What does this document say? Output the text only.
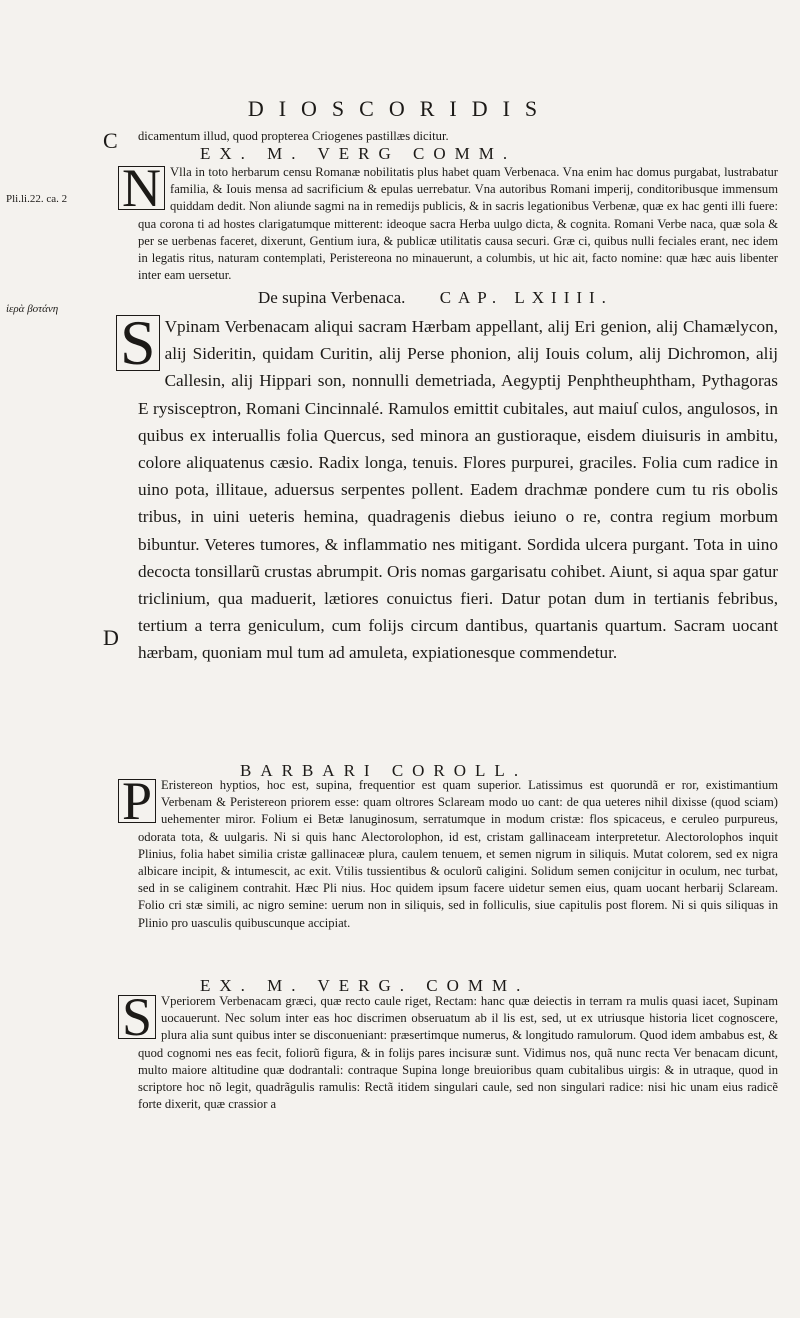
DIOSCORIDIS
C
Pli.li.22. ca. 2
ἱερὰ βοτάνη
D

dicamentum illud, quod propterea Criogenes pastillæs dicitur.

EX. M. VERG COMM.

N Vlla in toto herbarum censu Romanæ nobilitatis plus habet quam Verbenaca. Vna enim hac domus purgabat, lustrabatur familia, & Iouis mensa ad sacrificium & epulas uerrebatur. Vna autoribus Romani imperij, conditoribusque immensum quiddam dedit. Non aliunde sagmi na in remedijs publicis, & in sacris legationibus Verbenæ, quæ ex hac genti illi fuere: qua corona ti ad hostes clarigatumque mitterent: ideoque sacra Herba uulgo dicta, & cognita. Romani Verbe naca, quæ sola & per se uerbenas faceret, dixerunt, Gentium iura, & publicæ utilitatis causa securi. Græ ci, quibus nulli feciales erant, nec idem in legatis ritus, naturam contemplati, Peristereona no minauerunt, a columbis, ut hic ait, facto nomine: quæ hæc auis libenter inter eam uersetur.

De supina Verbenaca. CAP. LXIIII.

S Vpinam Verbenacam aliqui sacram Hærbam appellant, alij Eri genion, alij Chamælycon, alij Sideritin, quidam Curitin, alij Perse phonion, alij Iouis colum, alij Dichromon, alij Callesin, alij Hippari son, nonnulli demetriada, Aegyptij Penphtheuphtham, Pythagoras E rysisceptron, Romani Cincinnalé. Ramulos emittit cubitales, aut maiuſ culos, angulosos, in quibus ex interuallis folia Quercus, sed minora an gustioraque, eisdem diuisuris in ambitu, colore aliquatenus cæsio. Radix longa, tenuis. Flores purpurei, graciles. Folia cum radice in uino pota, illitaue, aduersus serpentes pollent. Eadem drachmæ pondere cum tu ris obolis tribus, in uini ueteris hemina, quadragenis diebus ieiuno o re, contra regium morbum bibuntur. Veteres tumores, & inflammatio nes mitigant. Sordida ulcera purgant. Tota in uino decocta tonsillarũ crustas abrumpit. Oris nomas gargarisatu cohibet. Aiunt, si aqua spar gatur triclinium, qua maduerit, lætiores conuictus fieri. Datur potan dum in tertianis febribus, tertium a terra geniculum, cum folijs circum dantibus, quartanis quartum. Sacram uocant hærbam, quoniam mul tum ad amuleta, expiationesque commendetur.

BARBARI COROLL.

P Eristereon hyptios, hoc est, supina, frequentior est quam superior. Latissimus est quorundã er ror, existimantium Verbenam & Peristereon priorem esse: quam oltrores Sclaream modo uo cant: de qua ueteres nihil dixisse (quod sciam) uehementer miror. Folium ei Betæ lanuginosum, serratumque in modum cristæ: flos spicaceus, e ceruleo purpureus, odorata tota, & uulgaris. Ni si quis hanc Alectorolophon, id est, cristam gallinaceam interpretetur. Alectorolophos inquit Plinius, folia habet similia cristæ gallinaceæ plura, caulem tenuem, et semen nigrum in siliquis. Mutat colorem, sed ex nigra albicare incipit, & intumescit, ac exit. Vtilis tussientibus & oculorũ caligini. Solidum semen conijcitur in oculum, nec turbat, sed in se caliginem contrahit. Hæc Pli nius. Hoc quidem ipsum facere uidetur semen eius, quam uocant herbarij Sclaream. Folio cri stæ simili, ac nigro semine: uerum non in siliquis, sed in folliculis, siue capitulis post florem. Ni si quis siliquas in Plinio pro uasculis quibuscunque accipiat.

EX. M. VERG. COMM.

S Vperiorem Verbenacam græci, quæ recto caule riget, Rectam: hanc quæ deiectis in terram ra mulis quasi iacet, Supinam uocauerunt. Nec solum inter eas hoc discrimen obseruatum ab il lis est, sed, ut ex utriusque historia licet cognoscere, plura alia sunt quibus inter se disconueniant: præsertimque numerus, & longitudo ramulorum. Quod idem ambabus est, & quod cognomi nes eas fecit, foliorũ figura, & in folijs pares incisuræ sunt. Vidimus nos, quã nunc recta Ver benacam dicunt, multo maiore altitudine quæ dodrantali: contraque Supina longe breuioribus quam cubitalibus uirgis: & in utraque, quod in scriptore hoc nõ legit, quadrãgulis ramulis: Rectã itidem singulari caule, sed non singulari radice: nisi hic unam eius radicẽ forte dixerit, quæ crassior a
